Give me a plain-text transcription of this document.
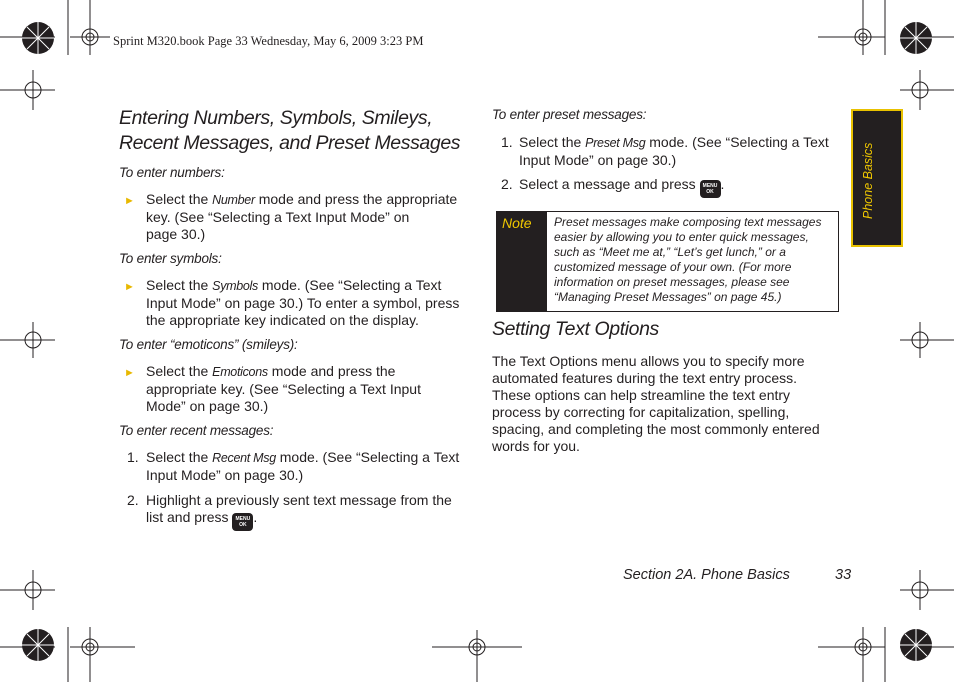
Sprint M320.book Page 33 Wednesday, May 6, 2009 3:23 PM
Entering Numbers, Symbols, Smileys,
Recent Messages, and Preset Messages
To enter numbers:
► Select the Number mode and press the appropriate
key. (See “Selecting a Text Input Mode” on
page 30.)
To enter symbols:
► Select the Symbols mode. (See “Selecting a Text
Input Mode” on page 30.) To enter a symbol, press
the appropriate key indicated on the display.
To enter “emoticons” (smileys):
► Select the Emoticons mode and press the
appropriate key. (See “Selecting a Text Input
Mode” on page 30.)
To enter recent messages:
1. Select the Recent Msg mode. (See “Selecting a Text
Input Mode” on page 30.)
2. Highlight a previously sent text message from the
list and press MENU
OK .
To enter preset messages:
1. Select the Preset Msg mode. (See “Selecting a Text
Input Mode” on page 30.)
2. Select a message and press MENU
OK .
Note Preset messages make composing text messages
easier by allowing you to enter quick messages,
such as “Meet me at,” “Let’s get lunch,” or a
customized message of your own. (For more
information on preset messages, please see
“Managing Preset Messages” on page 45.)
Setting Text Options
The Text Options menu allows you to specify more
automated features during the text entry process.
These options can help streamline the text entry
process by correcting for capitalization, spelling,
spacing, and completing the most commonly entered
words for you.
Phone Basics
Section 2A. Phone Basics	33
